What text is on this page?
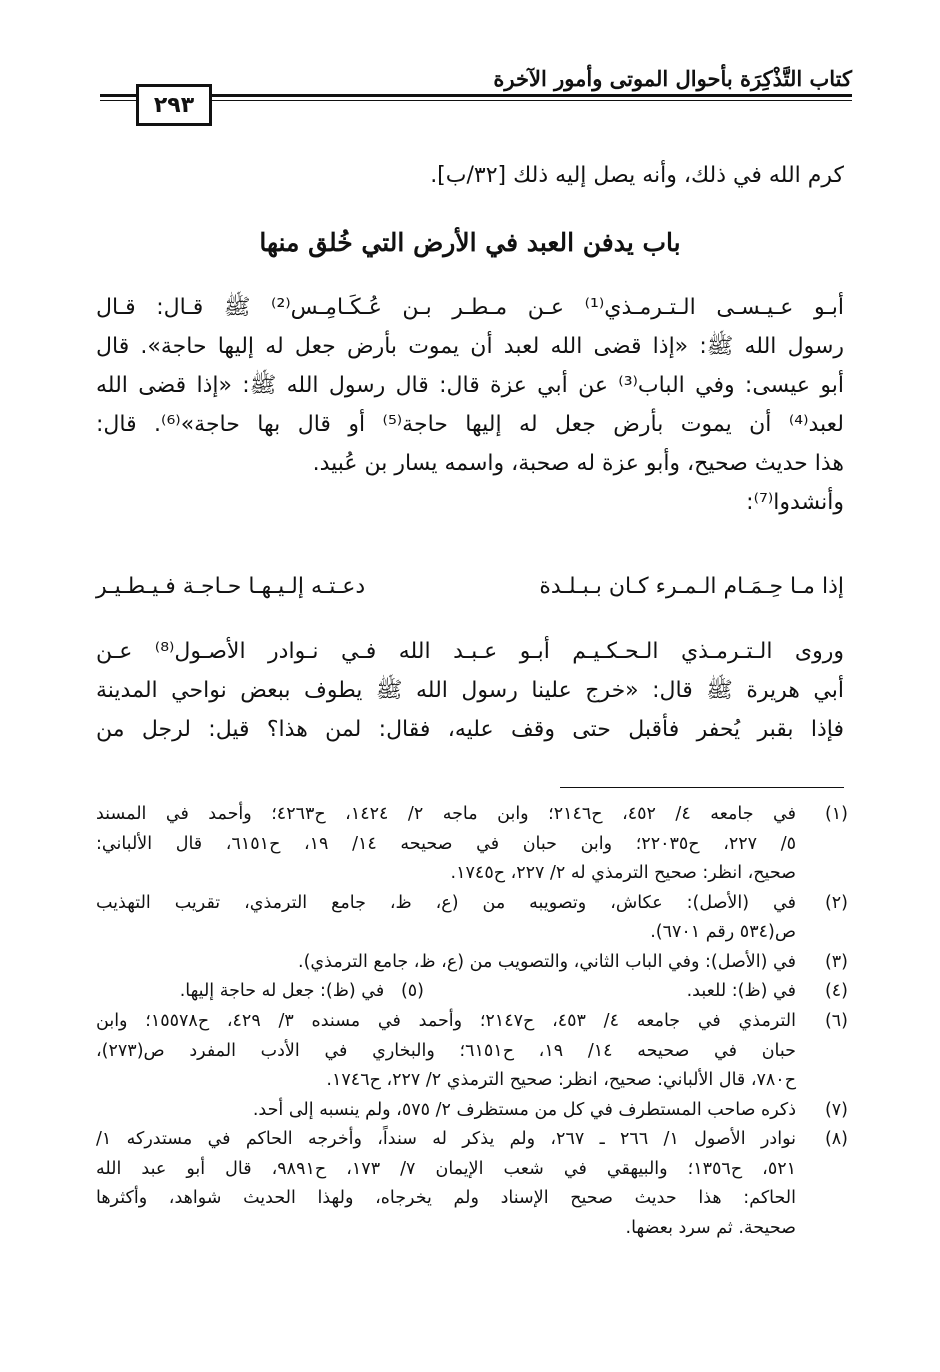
كتاب التَّذْكِرَة بأحوال الموتى وأمور الآخرة
٢٩٣
كرم الله في ذلك، وأنه يصل إليه ذلك [٣٢/ب].
باب يدفن العبد في الأرض التي خُلق منها
أبـو عـيـسـى الـتـرمـذي⁽¹⁾ عـن مـطـر بـن عُـكَـامِـس⁽²⁾ ﷺ قـال: قـال
رسول الله ﷺ: «إذا قضى الله لعبد أن يموت بأرض جعل له إليها حاجة». قال
أبو عيسى: وفي الباب⁽³⁾ عن أبي عزة قال: قال رسول الله ﷺ: «إذا قضى الله
لعبد⁽⁴⁾ أن يموت بأرض جعل له إليها حاجة⁽⁵⁾ أو قال بها حاجة»⁽⁶⁾. قال:
هذا حديث صحيح، وأبو عزة له صحبة، واسمه يسار بن عُبيد.
وأنشدوا⁽⁷⁾:
إذا مـا حِـمَـام الـمـرء كـان بـبـلـدة
دعـتـه إلـيـهـا حـاجـة فـيـطـيـر
وروى الـتـرمـذي الـحـكـيـم أبـو عـبـد الله فـي نـوادر الأصـول⁽⁸⁾ عـن
أبي هريرة ﷺ قال: «خرج علينا رسول الله ﷺ يطوف ببعض نواحي المدينة
فإذا بقبر يُحفر فأقبل حتى وقف عليه، فقال: لمن هذا؟ قيل: لرجل من
(١)
في جامعه ٤/ ٤٥٢، ح٢١٤٦؛ وابن ماجه ٢/ ١٤٢٤، ح٤٢٦٣؛ وأحمد في المسند
٥/ ٢٢٧، ح٢٢٠٣٥؛ وابن حبان في صحيحه ١٤/ ١٩، ح٦١٥١، قال الألباني:
صحيح، انظر: صحيح الترمذي له ٢/ ٢٢٧، ح١٧٤٥.
(٢)
في (الأصل): عكاش، وتصويبه من (ع، ظ، جامع الترمذي، تقريب التهذيب
ص(٥٣٤ رقم ٦٧٠١).
(٣)
في (الأصل): وفي الباب الثاني، والتصويب من (ع، ظ، جامع الترمذي).
(٤)
في (ظ): للعبد.
(٥)   في (ظ): جعل له حاجة إليها.
(٦)
الترمذي في جامعه ٤/ ٤٥٣، ح٢١٤٧؛ وأحمد في مسنده ٣/ ٤٢٩، ح١٥٥٧٨؛ وابن
حبان في صحيحه ١٤/ ١٩، ح٦١٥١؛ والبخاري في الأدب المفرد ص(٢٧٣)،
ح٧٨٠، قال الألباني: صحيح، انظر: صحيح الترمذي ٢/ ٢٢٧، ح١٧٤٦.
(٧)
ذكره صاحب المستطرف في كل من مستظرف ٢/ ٥٧٥، ولم ينسبه إلى أحد.
(٨)
نوادر الأصول ١/ ٢٦٦ ـ ٢٦٧، ولم يذكر له سنداً، وأخرجه الحاكم في مستدركه ١/
٥٢١، ح١٣٥٦؛ والبيهقي في شعب الإيمان ٧/ ١٧٣، ح٩٨٩١، قال أبو عبد الله
الحاكم: هذا حديث صحيح الإسناد ولم يخرجاه، ولهذا الحديث شواهد، وأكثرها
صحيحة. ثم سرد بعضها.
